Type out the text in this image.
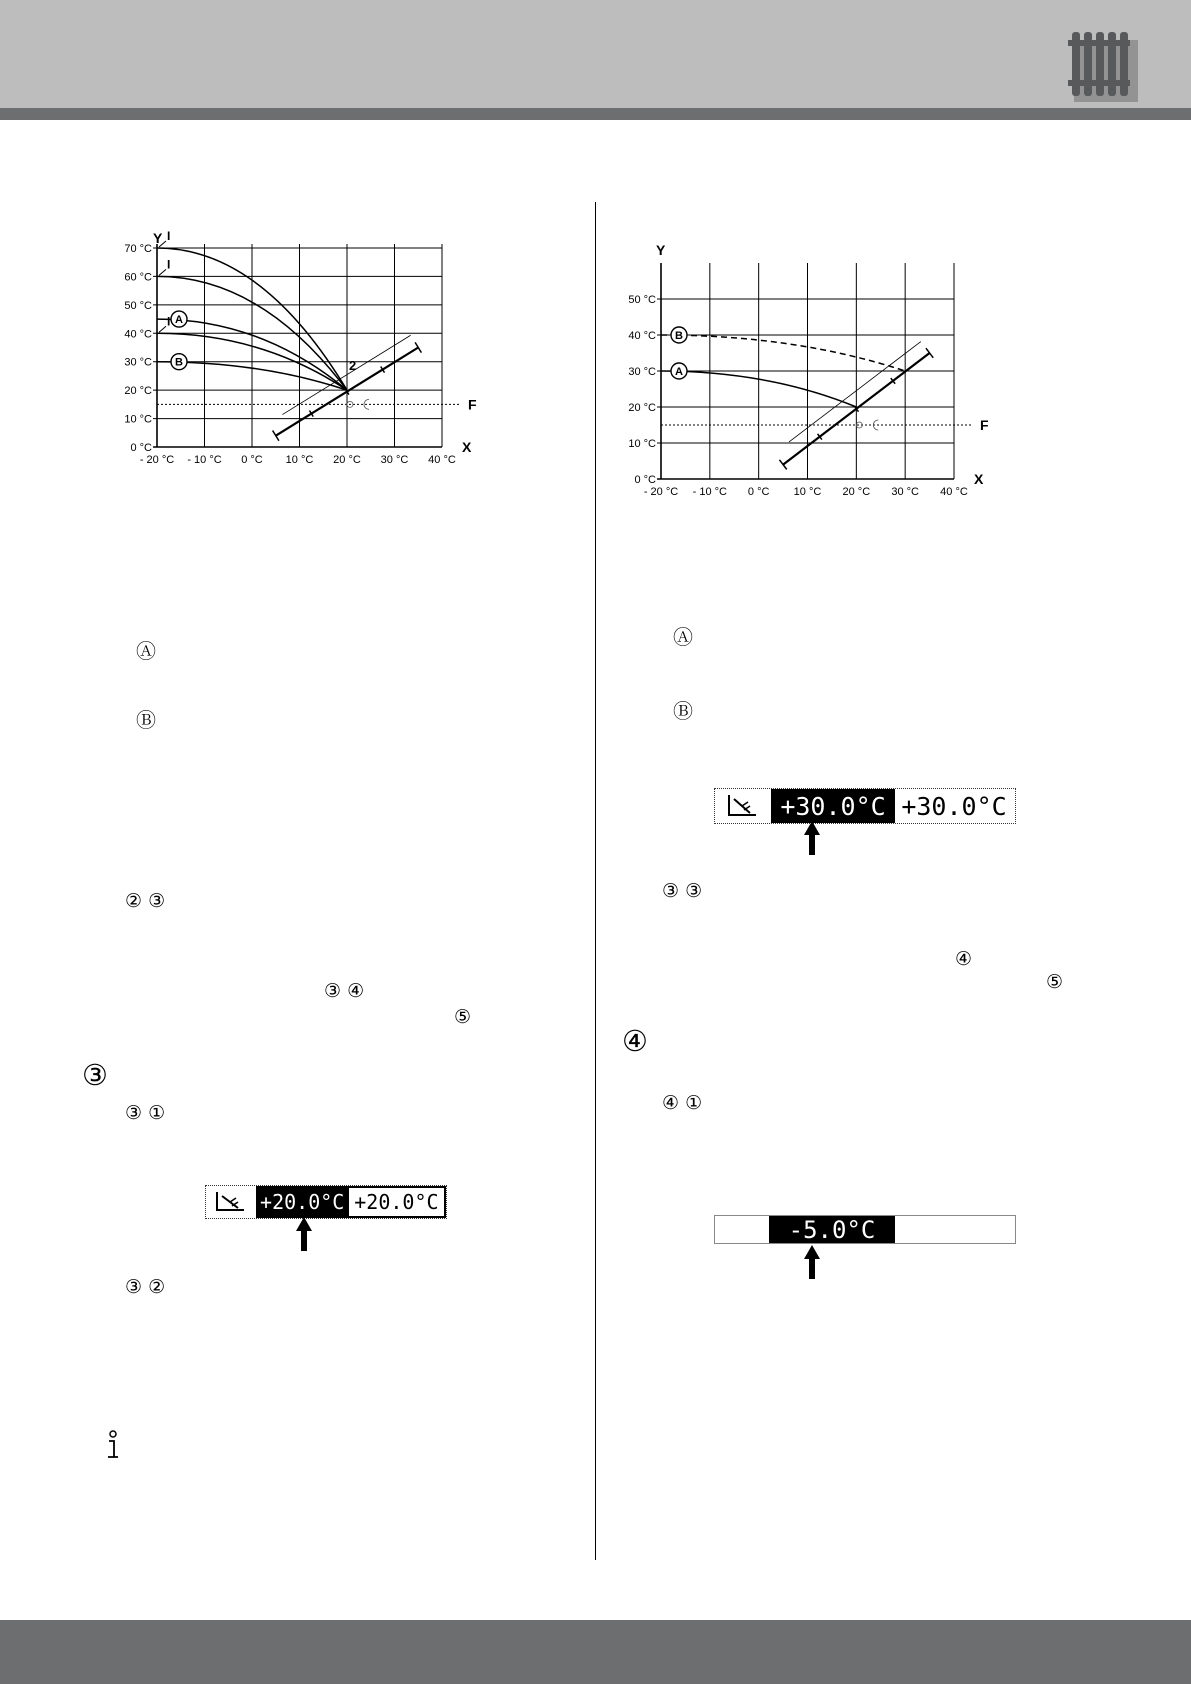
- 20 °C - 10 °C 0 °C 10 °C 20 °C 30 °C 40 °C
0 °C
10 °C
20 °C
30 °C
40 °C
50 °C
60 °C
70 °C
X
Y
F
I
I
A
I
B	2
- 20 °C - 10 °C 0 °C 10 °C 20 °C 30 °C 40 °C
0 °C
10 °C
20 °C
30 °C
40 °C
50 °C
X
Y
F
A
B
Ⓐ
Ⓑ
② ③
③ ④
⑤
③
③ ①
+20.0°C +20.0°C
③ ②
Ⓐ
Ⓑ
+30.0°C +30.0°C
③ ③
④
⑤
④
④ ①
-5.0°C
